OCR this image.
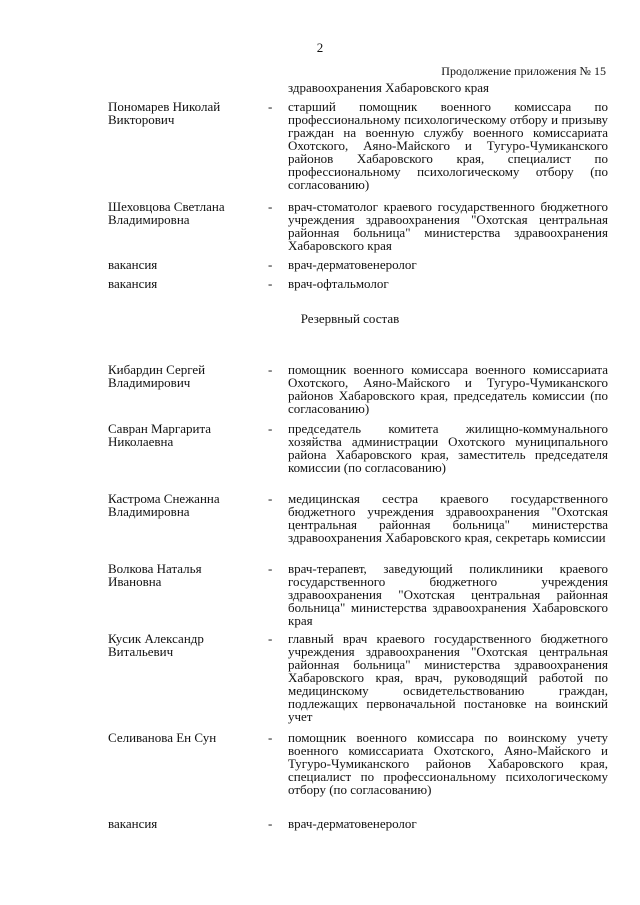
2
Продолжение приложения № 15
здравоохранения Хабаровского края
Пономарев Николай Викторович
- старший помощник военного комиссара по профессиональному психологическому отбору и призыву граждан на военную службу военного комиссариата Охотского, Аяно-Майского и Тугуро-Чумиканского районов Хабаровского края, специалист по профессиональному психологическому отбору (по согласованию)
Шеховцова Светлана Владимировна
- врач-стоматолог краевого государственного бюджетного учреждения здравоохранения "Охотская центральная районная больница" министерства здравоохранения Хабаровского края
вакансия	- врач-дерматовенеролог
вакансия	- врач-офтальмолог
Резервный состав
Кибардин Сергей Владимирович
- помощник военного комиссара военного комиссариата Охотского, Аяно-Майского и Тугуро-Чумиканского районов Хабаровского края, председатель комиссии (по согласованию)
Савран Маргарита Николаевна
- председатель комитета жилищно-коммунального хозяйства администрации Охотского муниципального района Хабаровского края, заместитель председателя комиссии (по согласованию)
Кастрома Снежанна Владимировна
- медицинская сестра краевого государственного бюджетного учреждения здравоохранения "Охотская центральная районная больница" министерства здравоохранения Хабаровского края, секретарь комиссии
Волкова Наталья Ивановна
- врач-терапевт, заведующий поликлиники краевого государственного бюджетного учреждения здравоохранения "Охотская центральная районная больница" министерства здравоохранения Хабаровского края
Кусик Александр Витальевич
- главный врач краевого государственного бюджетного учреждения здравоохранения "Охотская центральная районная больница" министерства здравоохранения Хабаровского края, врач, руководящий работой по медицинскому освидетельствованию граждан, подлежащих первоначальной постановке на воинский учет
Селиванова Ен Сун	- помощник военного комиссара по воинскому учету военного комиссариата Охотского, Аяно-Майского и Тугуро-Чумиканского районов Хабаровского края, специалист по профессиональному психологическому отбору (по согласованию)
вакансия	- врач-дерматовенеролог
